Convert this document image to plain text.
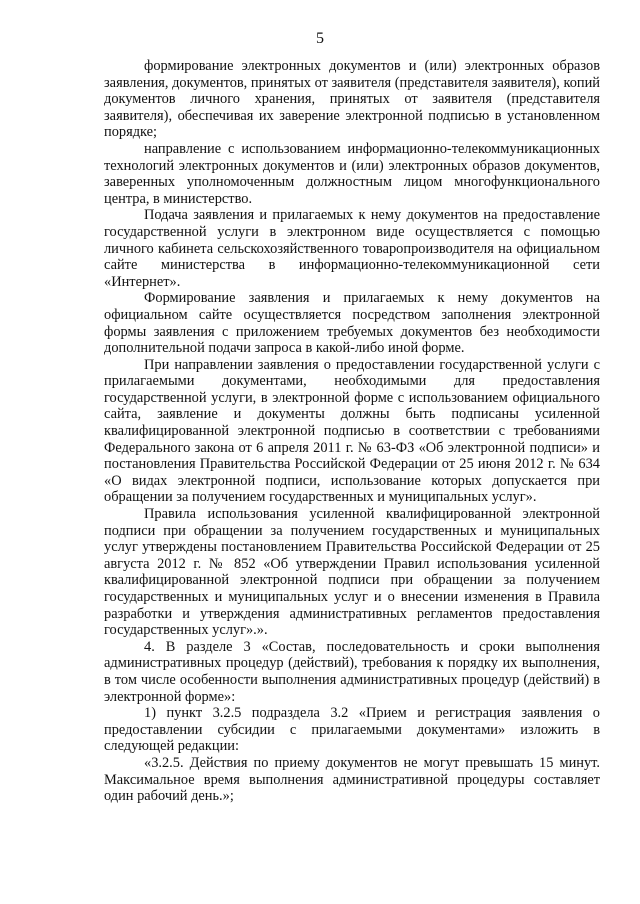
5

формирование электронных документов и (или) электронных образов заявления, документов, принятых от заявителя (представителя заявителя), копий документов личного хранения, принятых от заявителя (представителя заявителя), обеспечивая их заверение электронной подписью в установленном порядке;

направление с использованием информационно-телекоммуникационных технологий электронных документов и (или) электронных образов документов, заверенных уполномоченным должностным лицом многофункционального центра, в министерство.

Подача заявления и прилагаемых к нему документов на предоставление государственной услуги в электронном виде осуществляется с помощью личного кабинета сельскохозяйственного товаропроизводителя на официальном сайте министерства в информационно-телекоммуникационной сети «Интернет».

Формирование заявления и прилагаемых к нему документов на официальном сайте осуществляется посредством заполнения электронной формы заявления с приложением требуемых документов без необходимости дополнительной подачи запроса в какой-либо иной форме.

При направлении заявления о предоставлении государственной услуги с прилагаемыми документами, необходимыми для предоставления государственной услуги, в электронной форме с использованием официального сайта, заявление и документы должны быть подписаны усиленной квалифицированной электронной подписью в соответствии с требованиями Федерального закона от 6 апреля 2011 г. № 63-ФЗ «Об электронной подписи» и постановления Правительства Российской Федерации от 25 июня 2012 г. № 634 «О видах электронной подписи, использование которых допускается при обращении за получением государственных и муниципальных услуг».

Правила использования усиленной квалифицированной электронной подписи при обращении за получением государственных и муниципальных услуг утверждены постановлением Правительства Российской Федерации от 25 августа 2012 г. № 852 «Об утверждении Правил использования усиленной квалифицированной электронной подписи при обращении за получением государственных и муниципальных услуг и о внесении изменения в Правила разработки и утверждения административных регламентов предоставления государственных услуг».».

4. В разделе 3 «Состав, последовательность и сроки выполнения административных процедур (действий), требования к порядку их выполнения, в том числе особенности выполнения административных процедур (действий) в электронной форме»:

1) пункт 3.2.5 подраздела 3.2 «Прием и регистрация заявления о предоставлении субсидии с прилагаемыми документами» изложить в следующей редакции:

«3.2.5. Действия по приему документов не могут превышать 15 минут. Максимальное время выполнения административной процедуры составляет один рабочий день.»;
